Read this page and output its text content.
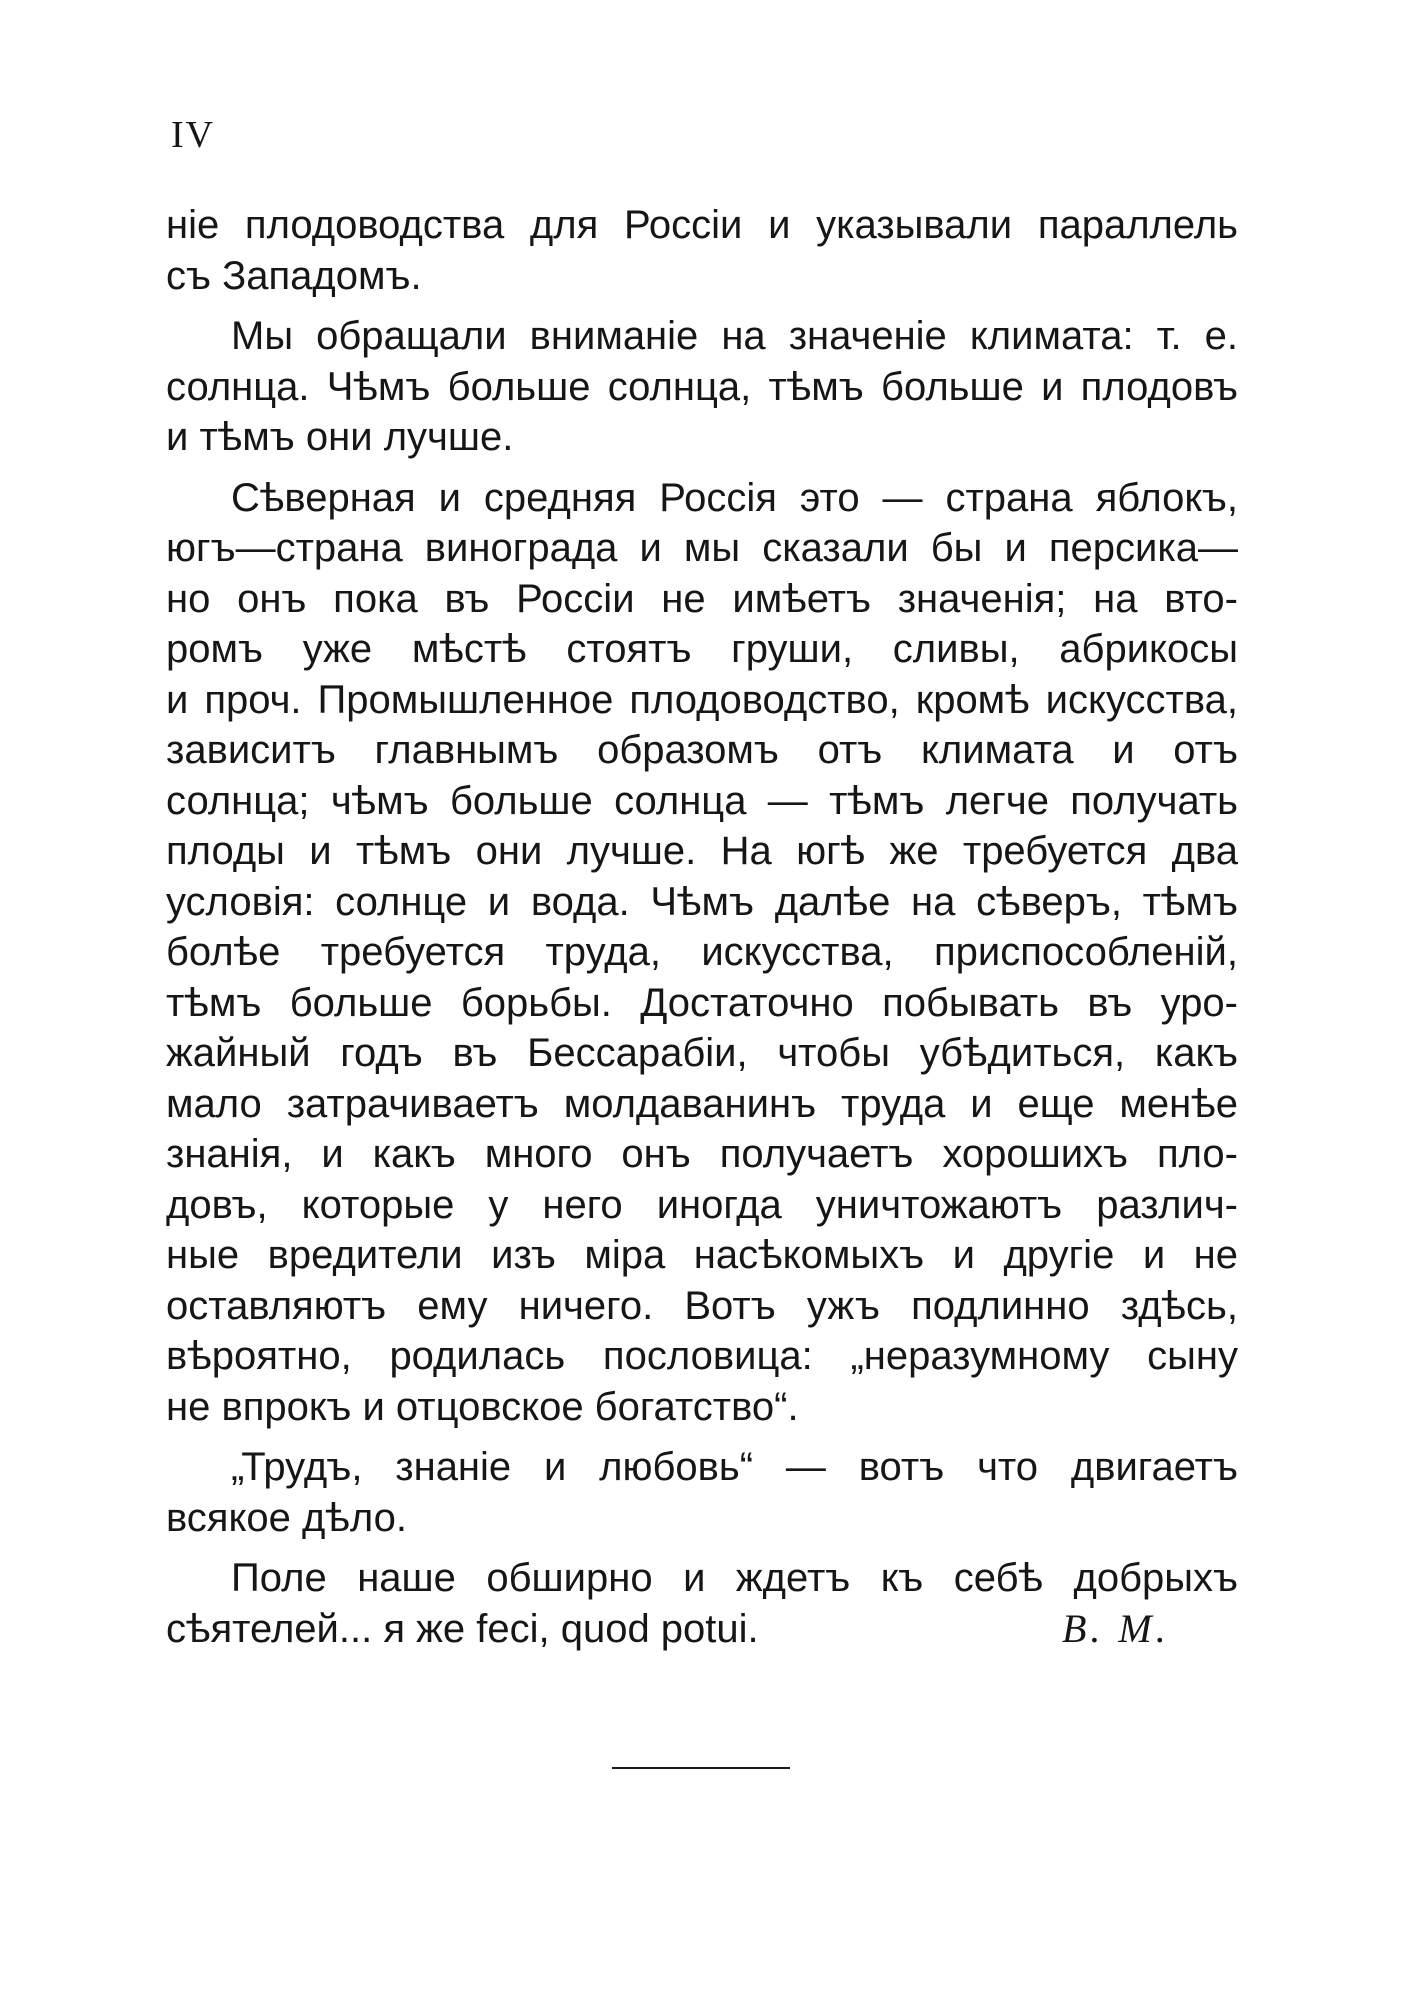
IV
ніе плодоводства для Россіи и указывали параллель
съ Западомъ.
Мы обращали вниманіе на значеніе климата: т. е.
солнца. Чѣмъ больше солнца, тѣмъ больше и плодовъ
и тѣмъ они лучше.
Сѣверная и средняя Россія это — страна яблокъ,
югъ—страна винограда и мы сказали бы и персика—
но онъ пока въ Россіи не имѣетъ значенія; на вто-
ромъ уже мѣстѣ стоятъ груши, сливы, абрикосы
и проч. Промышленное плодоводство, кромѣ искусства,
зависитъ главнымъ образомъ отъ климата и отъ
солнца; чѣмъ больше солнца — тѣмъ легче получать
плоды и тѣмъ они лучше. На югѣ же требуется два
условія: солнце и вода. Чѣмъ далѣе на сѣверъ, тѣмъ
болѣе требуется труда, искусства, приспособленій,
тѣмъ больше борьбы. Достаточно побывать въ уро-
жайный годъ въ Бессарабіи, чтобы убѣдиться, какъ
мало затрачиваетъ молдаванинъ труда и еще менѣе
знанія, и какъ много онъ получаетъ хорошихъ пло-
довъ, которые у него иногда уничтожаютъ различ-
ные вредители изъ міра насѣкомыхъ и другіе и не
оставляютъ ему ничего. Вотъ ужъ подлинно здѣсь,
вѣроятно, родилась пословица: „неразумному сыну
не впрокъ и отцовское богатство“.
„Трудъ, знаніе и любовь“ — вотъ что двигаетъ
всякое дѣло.
Поле наше обширно и ждетъ къ себѣ добрыхъ
сѣятелей... я же feci, quod potui.	В. М.
